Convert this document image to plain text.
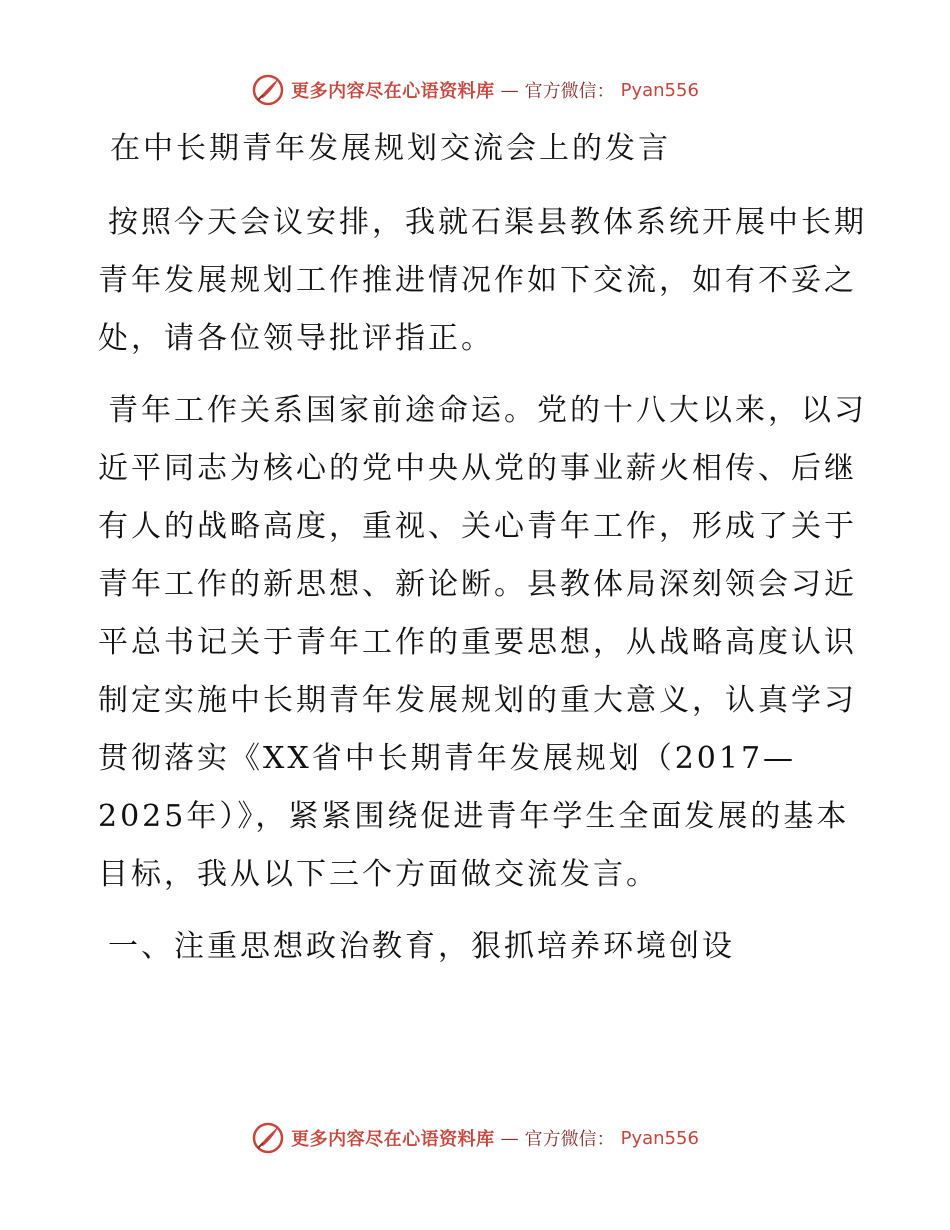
更多内容尽在心语资料库 — 官方微信： Pyan556
在中长期青年发展规划交流会上的发言

按照今天会议安排，我就石渠县教体系统开展中长期青年发展规划工作推进情况作如下交流，如有不妥之处，请各位领导批评指正。

青年工作关系国家前途命运。党的十八大以来，以习近平同志为核心的党中央从党的事业薪火相传、后继有人的战略高度，重视、关心青年工作，形成了关于青年工作的新思想、新论断。县教体局深刻领会习近平总书记关于青年工作的重要思想，从战略高度认识制定实施中长期青年发展规划的重大意义，认真学习贯彻落实《XX省中长期青年发展规划（2017—2025年）》，紧紧围绕促进青年学生全面发展的基本目标，我从以下三个方面做交流发言。

一、注重思想政治教育，狠抓培养环境创设
更多内容尽在心语资料库 — 官方微信： Pyan556
